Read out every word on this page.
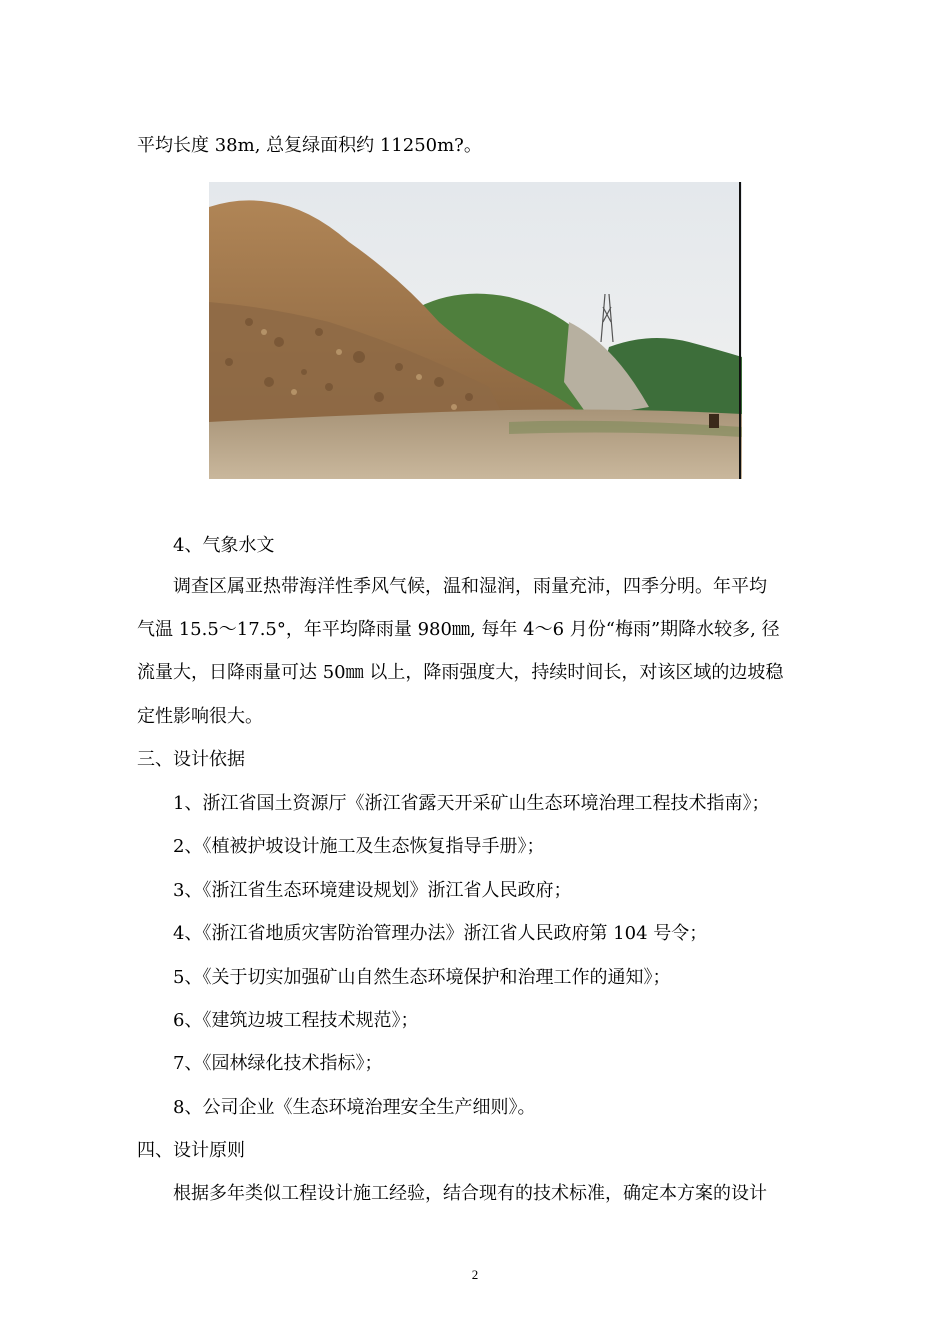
平均长度 38m, 总复绿面积约 11250m?。
4、气象水文
调查区属亚热带海洋性季风气候，温和湿润，雨量充沛，四季分明。年平均
气温 15.5～17.5°，年平均降雨量 980㎜, 每年 4～6 月份“梅雨”期降水较多, 径
流量大，日降雨量可达 50㎜ 以上，降雨强度大，持续时间长，对该区域的边坡稳
定性影响很大。
三、设计依据
1、浙江省国土资源厅《浙江省露天开采矿山生态环境治理工程技术指南》；
2、《植被护坡设计施工及生态恢复指导手册》；
3、《浙江省生态环境建设规划》浙江省人民政府；
4、《浙江省地质灾害防治管理办法》浙江省人民政府第 104 号令；
5、《关于切实加强矿山自然生态环境保护和治理工作的通知》；
6、《建筑边坡工程技术规范》；
7、《园林绿化技术指标》；
8、公司企业《生态环境治理安全生产细则》。
四、设计原则
根据多年类似工程设计施工经验，结合现有的技术标准，确定本方案的设计
2
